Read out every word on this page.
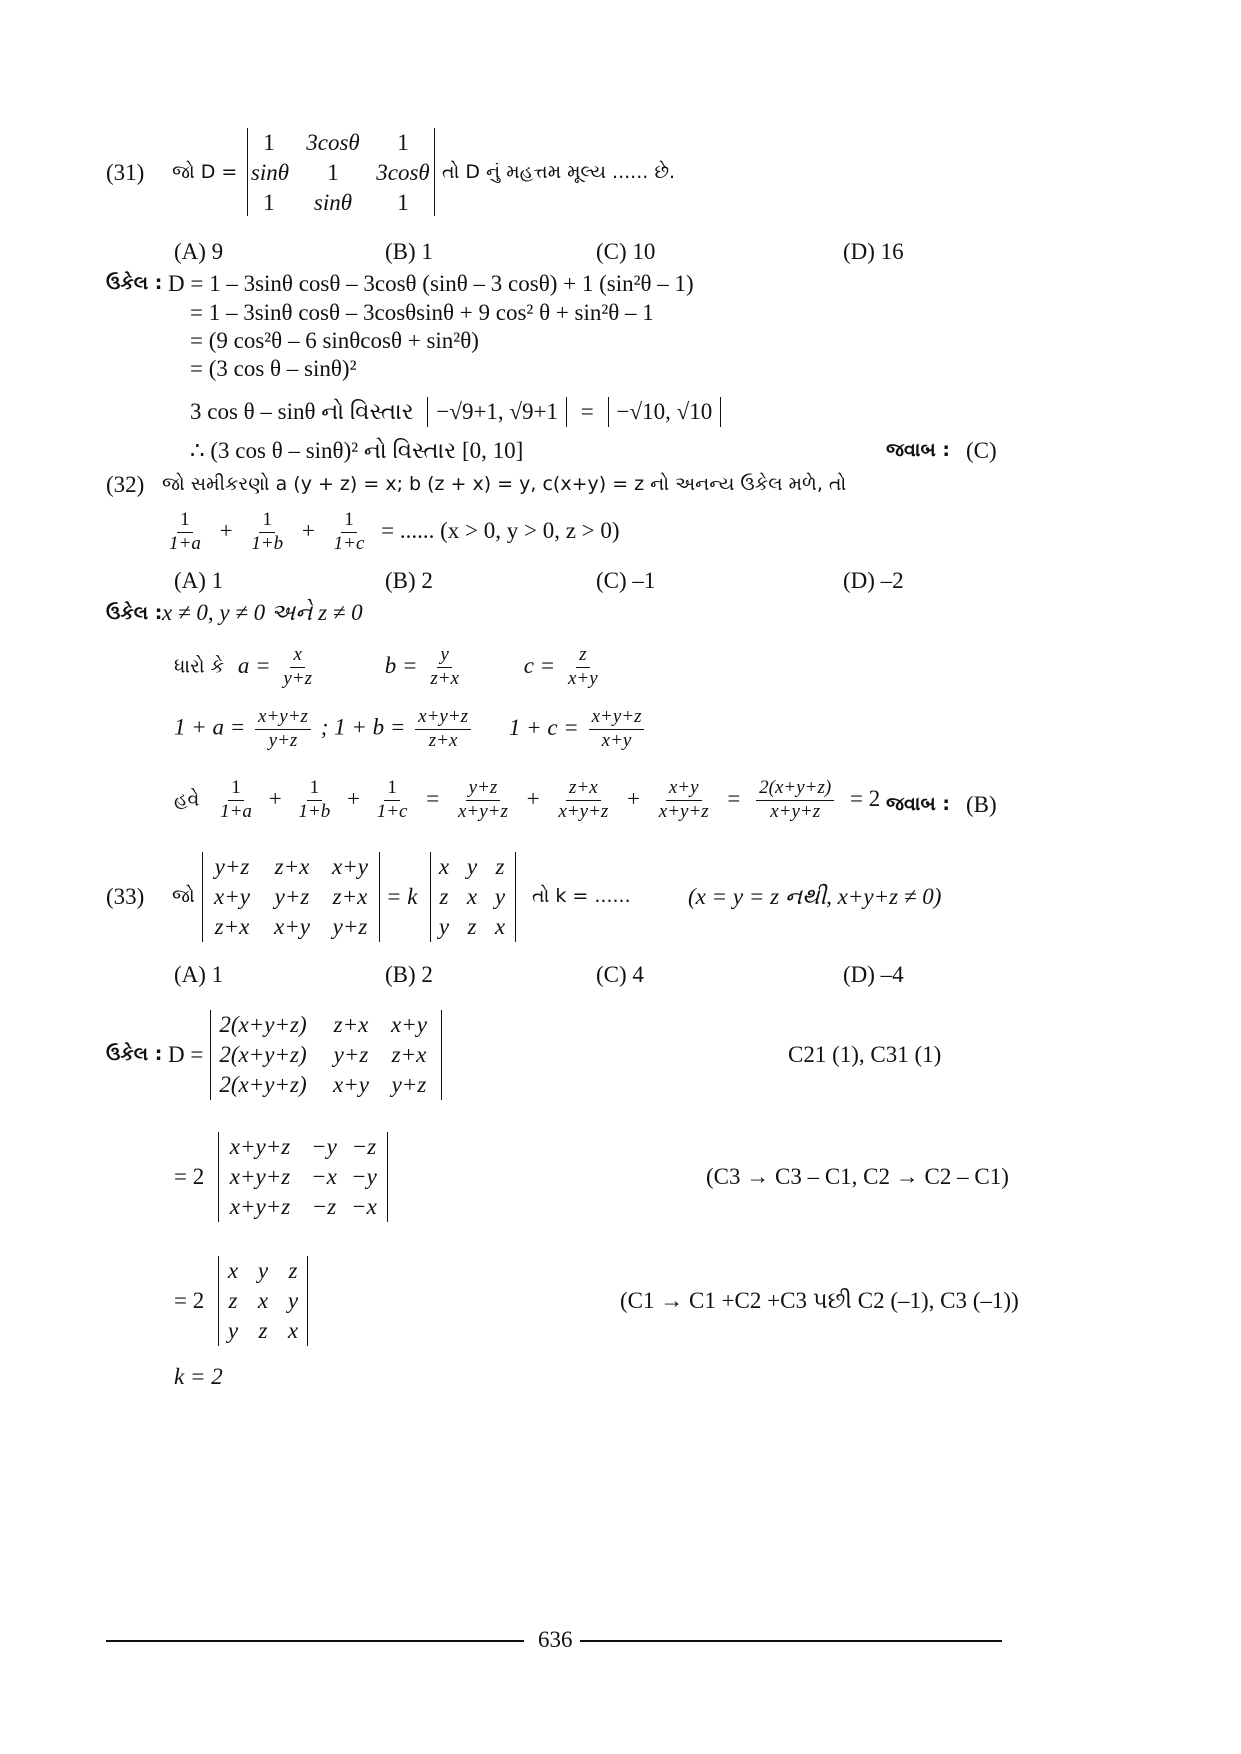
(31) જો D =
1	3cosθ	1
sinθ	1	3cosθ
1	sinθ	1
તો D નું મહત્તમ મૂલ્ય ...... છે.
(A) 9	(B) 1	(C) 10	(D) 16
ઉકેલ : D = 1 – 3sinθ cosθ – 3cosθ (sinθ – 3 cosθ) + 1 (sin²θ – 1)
= 1 – 3sinθ cosθ – 3cosθsinθ + 9 cos² θ + sin²θ – 1
= (9 cos²θ – 6 sinθcosθ + sin²θ)
= (3 cos θ – sinθ)²
3 cos θ – sinθ નો વિસ્તાર −√9+1, √9+1 = −√10, √10
∴ (3 cos θ – sinθ)² નો વિસ્તાર [0, 10]	જવાબ : (C)
(32) જો સમીકરણો a (y + z) = x; b (z + x) = y, c(x+y) = z નો અનન્ય ઉકેલ મળે, તો
$\frac{1}{1+a} + \frac{1}{1+b} + \frac{1}{1+c}$ = ...... (x > 0, y > 0, z > 0)
(A) 1	(B) 2	(C) –1	(D) –2
ઉકેલ : x ≠ 0, y ≠ 0 અને z ≠ 0
ધારો કે $a = \frac{x}{y+z}$	$b = \frac{y}{z+x}$	$c = \frac{z}{x+y}$
$1 + a = \frac{x+y+z}{y+z}$ ; $1 + b = \frac{x+y+z}{z+x} 1 + c = \frac{x+y+z}{x+y}$
હવે $\frac{1}{1+a} + \frac{1}{1+b} + \frac{1}{1+c} = \frac{y+z}{x+y+z} + \frac{z+x}{x+y+z} + \frac{x+y}{x+y+z} = \frac{2(x+y+z)}{x+y+z} = 2$ જવાબ : (B)
(33) જો
y+z	z+x x+y
x+y	y+z	z+x
z+x	x+y y+z
= k
x y z
z x y
y z x
તો k = ...... (x = y = z નથી, x+y+z ≠ 0)
(A) 1	(B) 2	(C) 4	(D) –4
ઉકેલ : D =
2(x+y+z)	z+x x+y
2(x+y+z)	y+z	z+x
2(x+y+z)	x+y y+z
C21 (1), C31 (1)
= 2
x+y+z −y −z
x+y+z −x −y
x+y+z −z −x
(C3 → C3 – C1, C2 → C2 – C1)
= 2
x y z
z x y
y z x
(C1 → C1 +C2 +C3 પછી C2 (–1), C3 (–1))
k = 2
636
